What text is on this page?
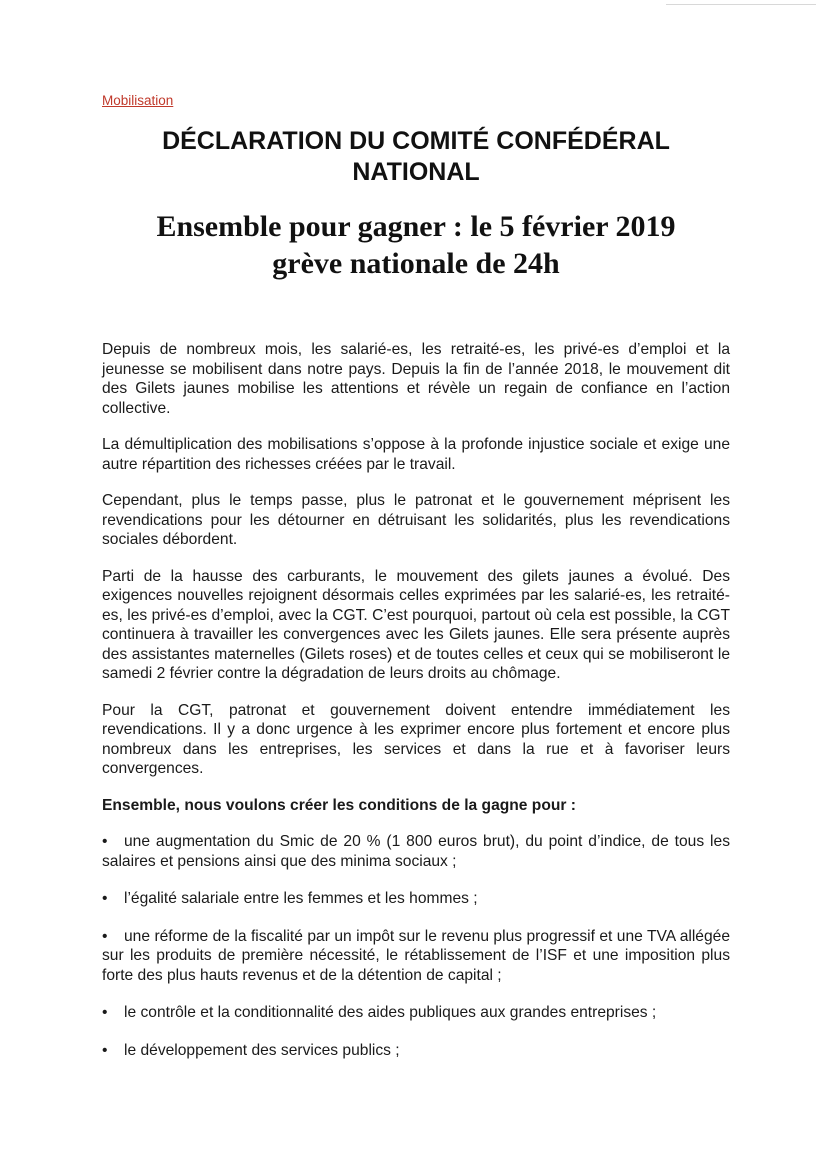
Mobilisation
DÉCLARATION DU COMITÉ CONFÉDÉRAL NATIONAL
Ensemble pour gagner : le 5 février 2019
grève nationale de 24h

Depuis de nombreux mois, les salarié-es, les retraité-es, les privé-es d’emploi et la jeunesse se mobilisent dans notre pays. Depuis la fin de l’année 2018, le mouvement dit des Gilets jaunes mobilise les attentions et révèle un regain de confiance en l’action collective.

La démultiplication des mobilisations s’oppose à la profonde injustice sociale et exige une autre répartition des richesses créées par le travail.

Cependant, plus le temps passe, plus le patronat et le gouvernement méprisent les revendications pour les détourner en détruisant les solidarités, plus les revendications sociales débordent.

Parti de la hausse des carburants, le mouvement des gilets jaunes a évolué. Des exigences nouvelles rejoignent désormais celles exprimées par les salarié-es, les retraité-es, les privé-es d’emploi, avec la CGT. C’est pourquoi, partout où cela est possible, la CGT continuera à travailler les convergences avec les Gilets jaunes. Elle sera présente auprès des assistantes maternelles (Gilets roses) et de toutes celles et ceux qui se mobiliseront le samedi 2 février contre la dégradation de leurs droits au chômage.

Pour la CGT, patronat et gouvernement doivent entendre immédiatement les revendications. Il y a donc urgence à les exprimer encore plus fortement et encore plus nombreux dans les entreprises, les services et dans la rue et à favoriser leurs convergences.

Ensemble, nous voulons créer les conditions de la gagne pour :

• une augmentation du Smic de 20 % (1 800 euros brut), du point d’indice, de tous les salaires et pensions ainsi que des minima sociaux ;
• l’égalité salariale entre les femmes et les hommes ;
• une réforme de la fiscalité par un impôt sur le revenu plus progressif et une TVA allégée sur les produits de première nécessité, le rétablissement de l’ISF et une imposition plus forte des plus hauts revenus et de la détention de capital ;
• le contrôle et la conditionnalité des aides publiques aux grandes entreprises ;
• le développement des services publics ;
